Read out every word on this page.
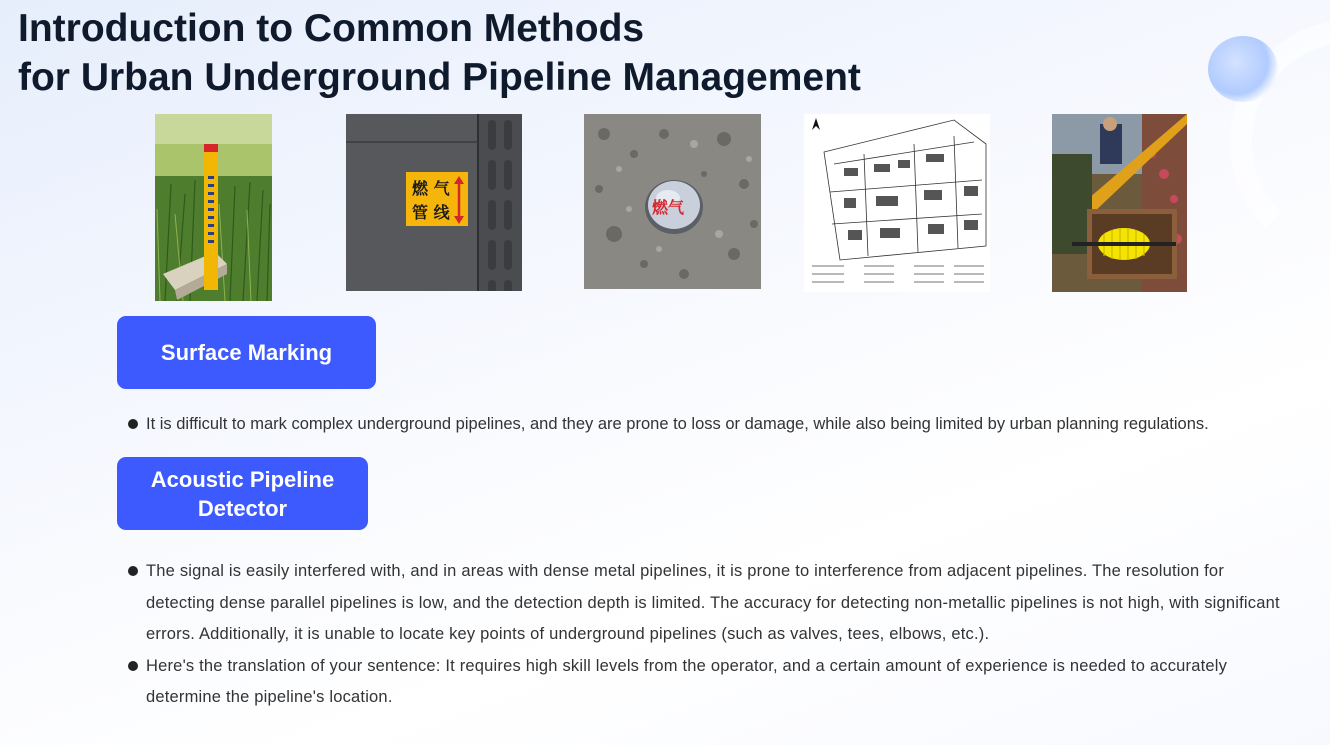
Introduction to Common Methods
for Urban Underground Pipeline Management
燃 气
管 线	燃气
Surface Marking
It is difficult to mark complex underground pipelines, and they are prone to loss or damage, while also being limited by urban planning regulations.
Acoustic Pipeline
Detector
The signal is easily interfered with, and in areas with dense metal pipelines, it is prone to interference from adjacent pipelines. The resolution for detecting dense parallel pipelines is low, and the detection depth is limited. The accuracy for detecting non-metallic pipelines is not high, with significant errors. Additionally, it is unable to locate key points of underground pipelines (such as valves, tees, elbows, etc.).
Here's the translation of your sentence: It requires high skill levels from the operator, and a certain amount of experience is needed to accurately determine the pipeline's location.
